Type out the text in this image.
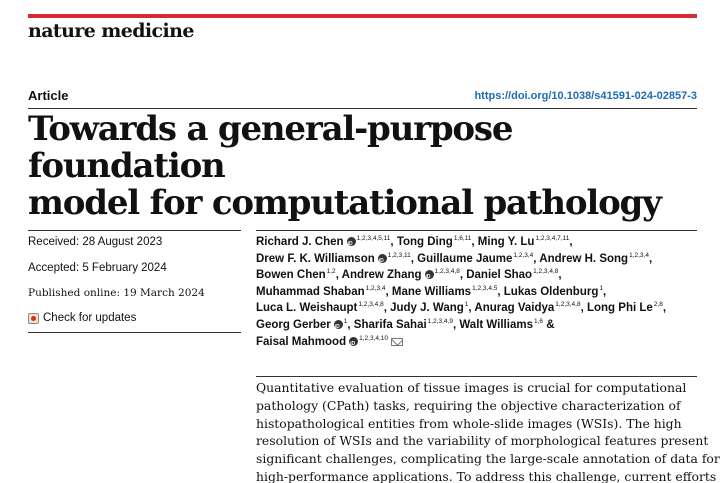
nature medicine
Article	https://doi.org/10.1038/s41591-024-02857-3
Towards a general-purpose foundation
model for computational pathology
Received: 28 August 2023
Accepted: 5 February 2024
Published online: 19 March 2024
Check for updates
Richard J. Chen iD $^{1,2,3,4,5,11}$, Tong Ding$^{1,6,11}$, Ming Y. Lu$^{1,2,3,4,7,11}$,
Drew F. K. Williamson iD $^{1,2,3,11}$, Guillaume Jaume$^{1,2,3,4}$, Andrew H. Song$^{1,2,3,4}$,
Bowen Chen$^{1,2}$, Andrew Zhang iD $^{1,2,3,4,8}$, Daniel Shao$^{1,2,3,4,8}$,
Muhammad Shaban$^{1,2,3,4}$, Mane Williams$^{1,2,3,4,5}$, Lukas Oldenburg$^1$,
Luca L. Weishaupt$^{1,2,3,4,8}$, Judy J. Wang$^1$, Anurag Vaidya$^{1,2,3,4,8}$, Long Phi Le$^{2,8}$,
Georg Gerber iD $^1$, Sharifa Sahai$^{1,2,3,4,9}$, Walt Williams$^{1,6}$ &
Faisal Mahmood iD $^{1,2,3,4,10}$
Quantitative evaluation of tissue images is crucial for computational
pathology (CPath) tasks, requiring the objective characterization of
histopathological entities from whole-slide images (WSIs). The high
resolution of WSIs and the variability of morphological features present
significant challenges, complicating the large-scale annotation of data for
high-performance applications. To address this challenge, current efforts
